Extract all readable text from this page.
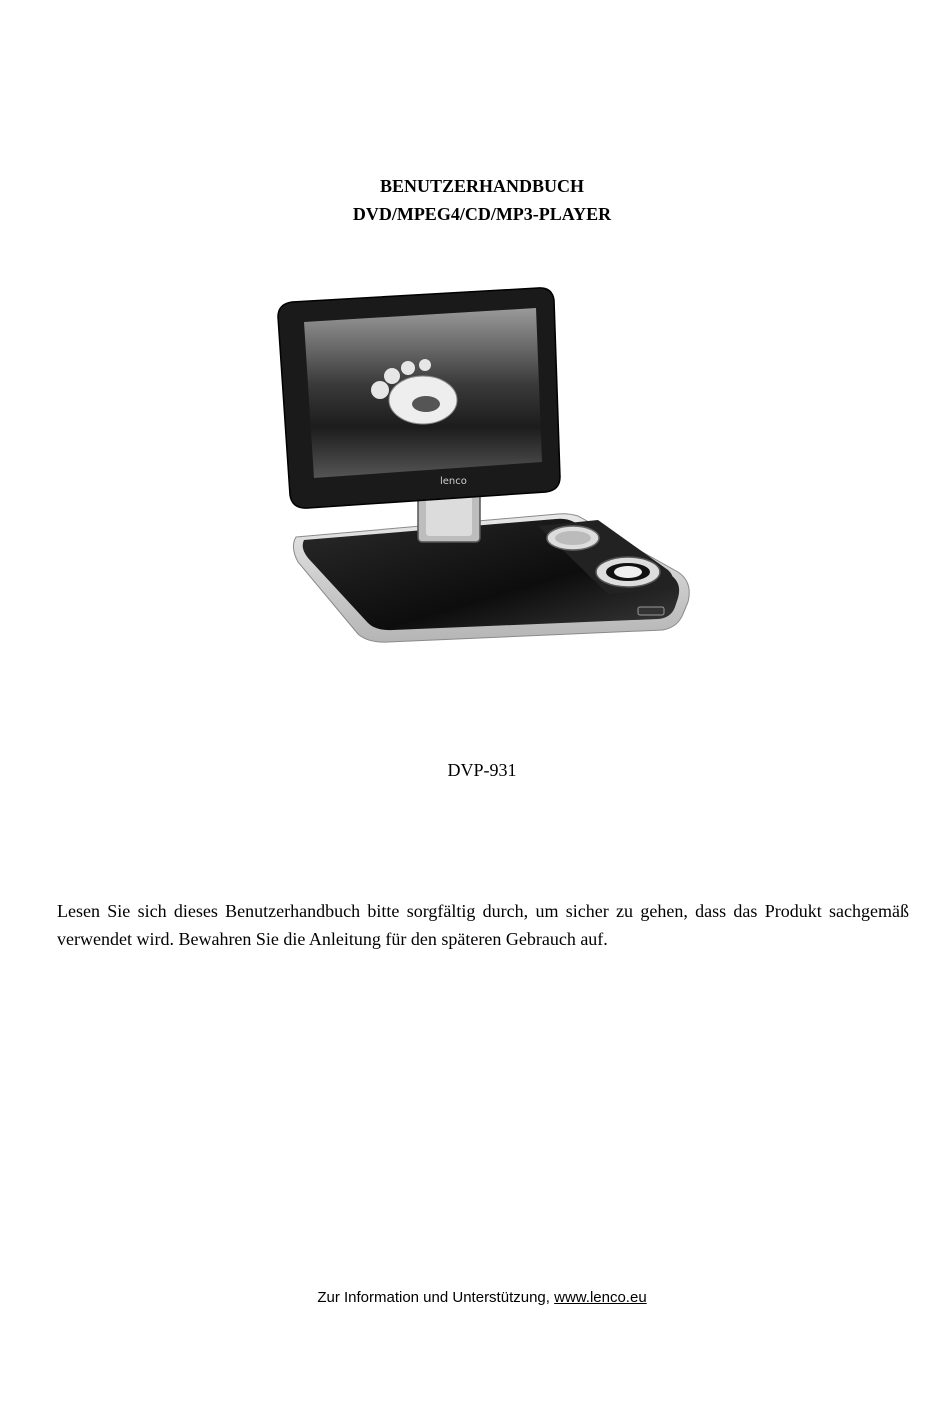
BENUTZERHANDBUCH
DVD/MPEG4/CD/MP3-PLAYER
lenco
DVP-931

Lesen Sie sich dieses Benutzerhandbuch bitte sorgfältig durch, um sicher zu gehen, dass das Produkt sachgemäß verwendet wird. Bewahren Sie die Anleitung für den späteren Gebrauch auf.

Zur Information und Unterstützung, www.lenco.eu
